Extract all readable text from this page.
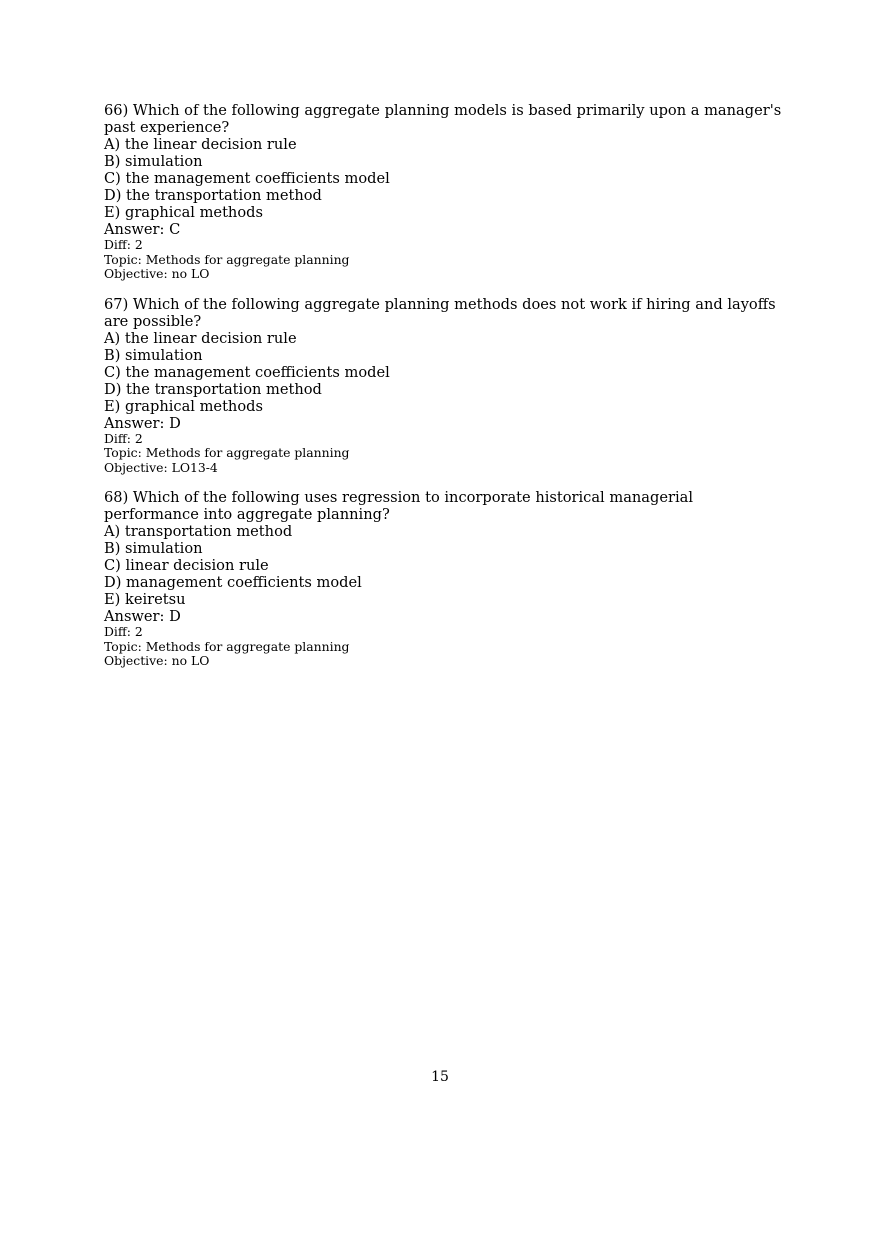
66) Which of the following aggregate planning models is based primarily upon a manager's past experience?
A) the linear decision rule
B) simulation
C) the management coefficients model
D) the transportation method
E) graphical methods
Answer: C
Diff: 2
Topic: Methods for aggregate planning
Objective: no LO
67) Which of the following aggregate planning methods does not work if hiring and layoffs are possible?
A) the linear decision rule
B) simulation
C) the management coefficients model
D) the transportation method
E) graphical methods
Answer: D
Diff: 2
Topic: Methods for aggregate planning
Objective: LO13-4
68) Which of the following uses regression to incorporate historical managerial performance into aggregate planning?
A) transportation method
B) simulation
C) linear decision rule
D) management coefficients model
E) keiretsu
Answer: D
Diff: 2
Topic: Methods for aggregate planning
Objective: no LO
15
